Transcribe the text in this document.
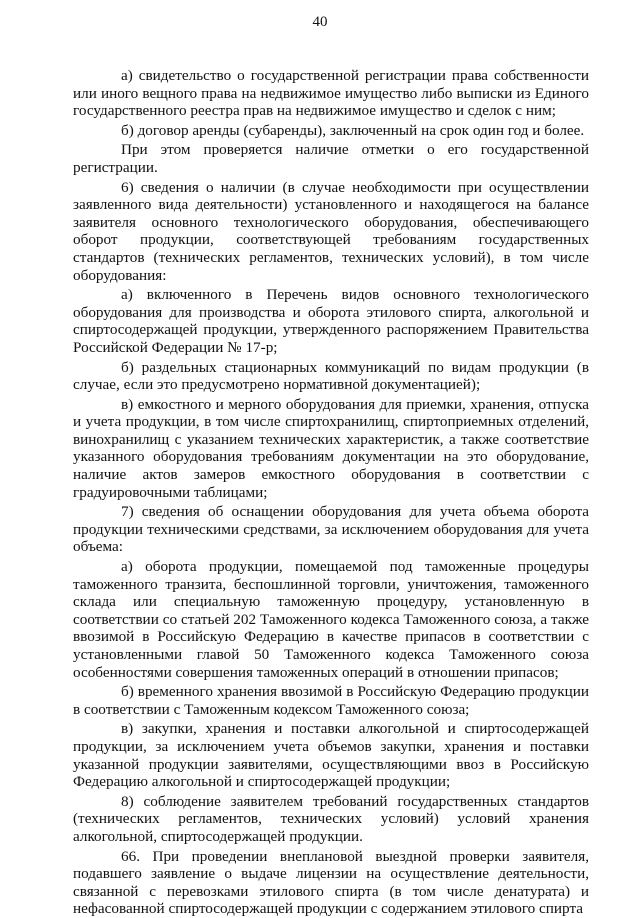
40

а) свидетельство о государственной регистрации права собственности или иного вещного права на недвижимое имущество либо выписки из Единого государственного реестра прав на недвижимое имущество и сделок с ним;

б) договор аренды (субаренды), заключенный на срок один год и более.

При этом проверяется наличие отметки о его государственной регистрации.

6) сведения о наличии (в случае необходимости при осуществлении заявленного вида деятельности) установленного и находящегося на балансе заявителя основного технологического оборудования, обеспечивающего оборот продукции, соответствующей требованиям государственных стандартов (технических регламентов, технических условий), в том числе оборудования:

а) включенного в Перечень видов основного технологического оборудования для производства и оборота этилового спирта, алкогольной и спиртосодержащей продукции, утвержденного распоряжением Правительства Российской Федерации № 17-р;

б) раздельных стационарных коммуникаций по видам продукции (в случае, если это предусмотрено нормативной документацией);

в) емкостного и мерного оборудования для приемки, хранения, отпуска и учета продукции, в том числе спиртохранилищ, спиртоприемных отделений, винохранилищ с указанием технических характеристик, а также соответствие указанного оборудования требованиям документации на это оборудование, наличие актов замеров емкостного оборудования в соответствии с градуировочными таблицами;

7) сведения об оснащении оборудования для учета объема оборота продукции техническими средствами, за исключением оборудования для учета объема:

а) оборота продукции, помещаемой под таможенные процедуры таможенного транзита, беспошлинной торговли, уничтожения, таможенного склада или специальную таможенную процедуру, установленную в соответствии со статьей 202 Таможенного кодекса Таможенного союза, а также ввозимой в Российскую Федерацию в качестве припасов в соответствии с установленными главой 50 Таможенного кодекса Таможенного союза особенностями совершения таможенных операций в отношении припасов;

б) временного хранения ввозимой в Российскую Федерацию продукции в соответствии с Таможенным кодексом Таможенного союза;

в) закупки, хранения и поставки алкогольной и спиртосодержащей продукции, за исключением учета объемов закупки, хранения и поставки указанной продукции заявителями, осуществляющими ввоз в Российскую Федерацию алкогольной и спиртосодержащей продукции;

8) соблюдение заявителем требований государственных стандартов (технических регламентов, технических условий) условий хранения алкогольной, спиртосодержащей продукции.

66. При проведении внеплановой выездной проверки заявителя, подавшего заявление о выдаче лицензии на осуществление деятельности, связанной с перевозками этилового спирта (в том числе денатурата) и нефасованной спиртосодержащей продукции с содержанием этилового спирта
